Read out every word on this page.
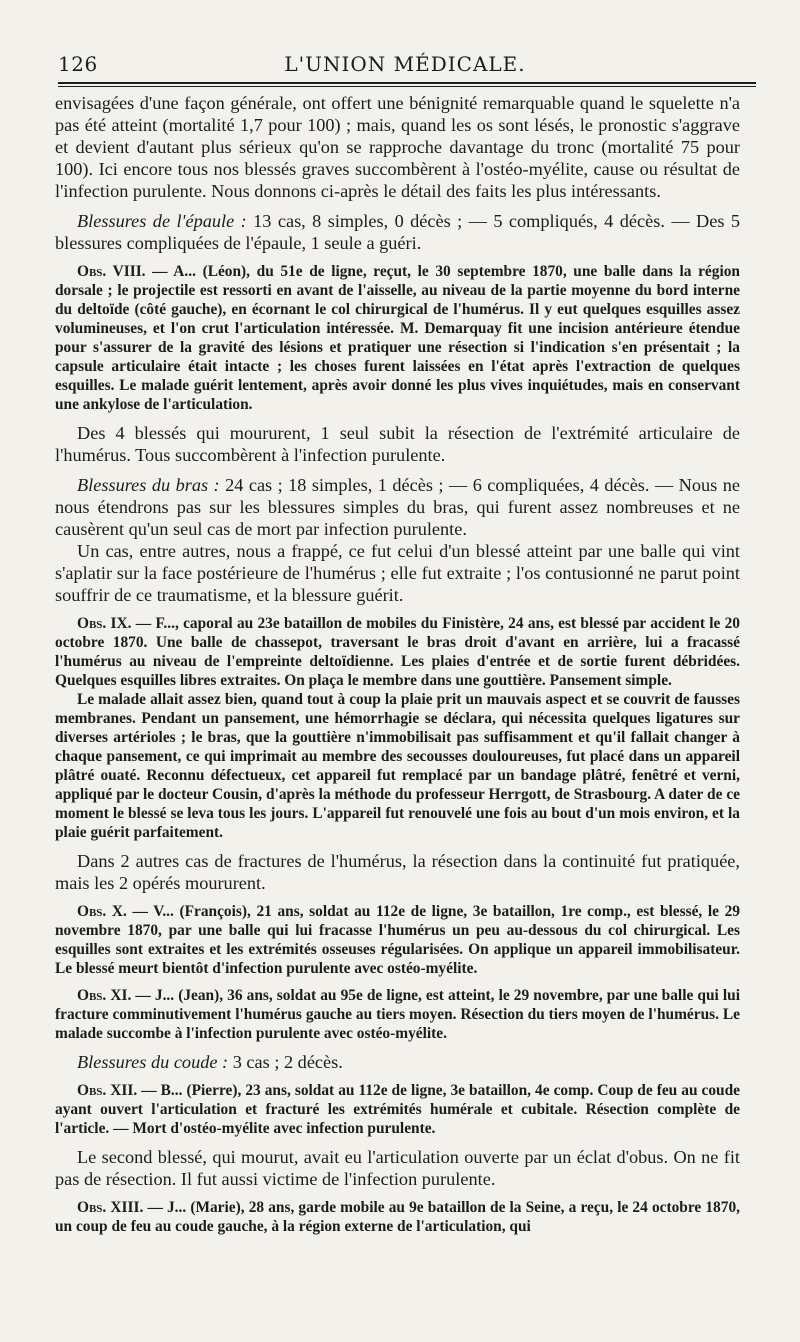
126	L'UNION MÉDICALE.

envisagées d'une façon générale, ont offert une bénignité remarquable quand le squelette n'a pas été atteint (mortalité 1,7 pour 100) ; mais, quand les os sont lésés, le pronostic s'aggrave et devient d'autant plus sérieux qu'on se rapproche davantage du tronc (mortalité 75 pour 100). Ici encore tous nos blessés graves succombèrent à l'ostéo-myélite, cause ou résultat de l'infection purulente. Nous donnons ci-après le détail des faits les plus intéressants.

Blessures de l'épaule : 13 cas, 8 simples, 0 décès ; — 5 compliqués, 4 décès. — Des 5 blessures compliquées de l'épaule, 1 seule a guéri.

Obs. VIII. — A... (Léon), du 51e de ligne, reçut, le 30 septembre 1870, une balle dans la région dorsale ; le projectile est ressorti en avant de l'aisselle, au niveau de la partie moyenne du bord interne du deltoïde (côté gauche), en écornant le col chirurgical de l'humérus. Il y eut quelques esquilles assez volumineuses, et l'on crut l'articulation intéressée. M. Demarquay fit une incision antérieure étendue pour s'assurer de la gravité des lésions et pratiquer une résection si l'indication s'en présentait ; la capsule articulaire était intacte ; les choses furent laissées en l'état après l'extraction de quelques esquilles. Le malade guérit lentement, après avoir donné les plus vives inquiétudes, mais en conservant une ankylose de l'articulation.

Des 4 blessés qui moururent, 1 seul subit la résection de l'extrémité articulaire de l'humérus. Tous succombèrent à l'infection purulente.

Blessures du bras : 24 cas ; 18 simples, 1 décès ; — 6 compliquées, 4 décès. — Nous ne nous étendrons pas sur les blessures simples du bras, qui furent assez nombreuses et ne causèrent qu'un seul cas de mort par infection purulente.

Un cas, entre autres, nous a frappé, ce fut celui d'un blessé atteint par une balle qui vint s'aplatir sur la face postérieure de l'humérus ; elle fut extraite ; l'os contusionné ne parut point souffrir de ce traumatisme, et la blessure guérit.

Obs. IX. — F..., caporal au 23e bataillon de mobiles du Finistère, 24 ans, est blessé par accident le 20 octobre 1870. Une balle de chassepot, traversant le bras droit d'avant en arrière, lui a fracassé l'humérus au niveau de l'empreinte deltoïdienne. Les plaies d'entrée et de sortie furent débridées. Quelques esquilles libres extraites. On plaça le membre dans une gouttière. Pansement simple.

Le malade allait assez bien, quand tout à coup la plaie prit un mauvais aspect et se couvrit de fausses membranes. Pendant un pansement, une hémorrhagie se déclara, qui nécessita quelques ligatures sur diverses artérioles ; le bras, que la gouttière n'immobilisait pas suffisamment et qu'il fallait changer à chaque pansement, ce qui imprimait au membre des secousses douloureuses, fut placé dans un appareil plâtré ouaté. Reconnu défectueux, cet appareil fut remplacé par un bandage plâtré, fenêtré et verni, appliqué par le docteur Cousin, d'après la méthode du professeur Herrgott, de Strasbourg. A dater de ce moment le blessé se leva tous les jours. L'appareil fut renouvelé une fois au bout d'un mois environ, et la plaie guérit parfaitement.

Dans 2 autres cas de fractures de l'humérus, la résection dans la continuité fut pratiquée, mais les 2 opérés moururent.

Obs. X. — V... (François), 21 ans, soldat au 112e de ligne, 3e bataillon, 1re comp., est blessé, le 29 novembre 1870, par une balle qui lui fracasse l'humérus un peu au-dessous du col chirurgical. Les esquilles sont extraites et les extrémités osseuses régularisées. On applique un appareil immobilisateur. Le blessé meurt bientôt d'infection purulente avec ostéo-myélite.

Obs. XI. — J... (Jean), 36 ans, soldat au 95e de ligne, est atteint, le 29 novembre, par une balle qui lui fracture comminutivement l'humérus gauche au tiers moyen. Résection du tiers moyen de l'humérus. Le malade succombe à l'infection purulente avec ostéo-myélite.

Blessures du coude : 3 cas ; 2 décès.

Obs. XII. — B... (Pierre), 23 ans, soldat au 112e de ligne, 3e bataillon, 4e comp. Coup de feu au coude ayant ouvert l'articulation et fracturé les extrémités humérale et cubitale. Résection complète de l'article. — Mort d'ostéo-myélite avec infection purulente.

Le second blessé, qui mourut, avait eu l'articulation ouverte par un éclat d'obus. On ne fit pas de résection. Il fut aussi victime de l'infection purulente.

Obs. XIII. — J... (Marie), 28 ans, garde mobile au 9e bataillon de la Seine, a reçu, le 24 octobre 1870, un coup de feu au coude gauche, à la région externe de l'articulation, qui
